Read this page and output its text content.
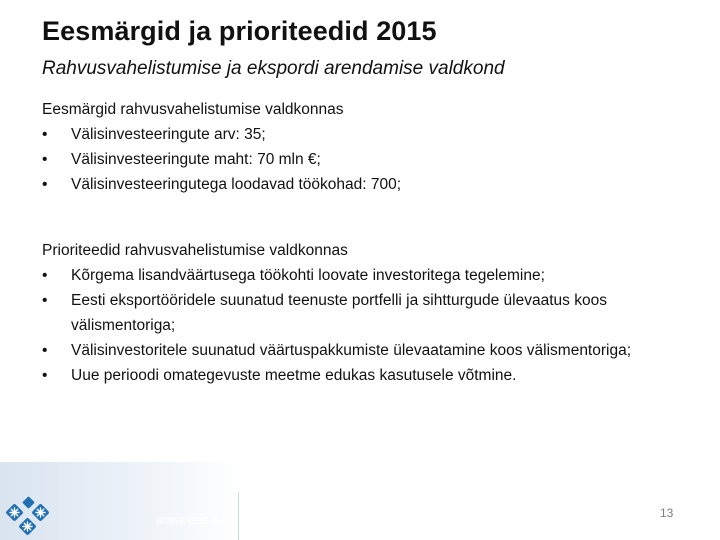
Eesmärgid ja prioriteedid 2015
Rahvusvahelistumise ja ekspordi arendamise valdkond
Eesmärgid rahvusvahelistumise valdkonnas
•	Välisinvesteeringute arv: 35;
•	Välisinvesteeringute maht: 70 mln €;
•	Välisinvesteeringutega loodavad töökohad: 700;
Prioriteedid rahvusvahelistumise valdkonnas
•	Kõrgema lisandväärtusega töökohti loovate investoritega tegelemine;
•	Eesti eksportööridele suunatud teenuste portfelli ja sihtturgude ülevaatus koos välismentoriga;
•	Välisinvestoritele suunatud väärtuspakkumiste ülevaatamine koos välismentoriga;
•	Uue perioodi omategevuste meetme edukas kasutusele võtmine.
www.eas.ee	13
